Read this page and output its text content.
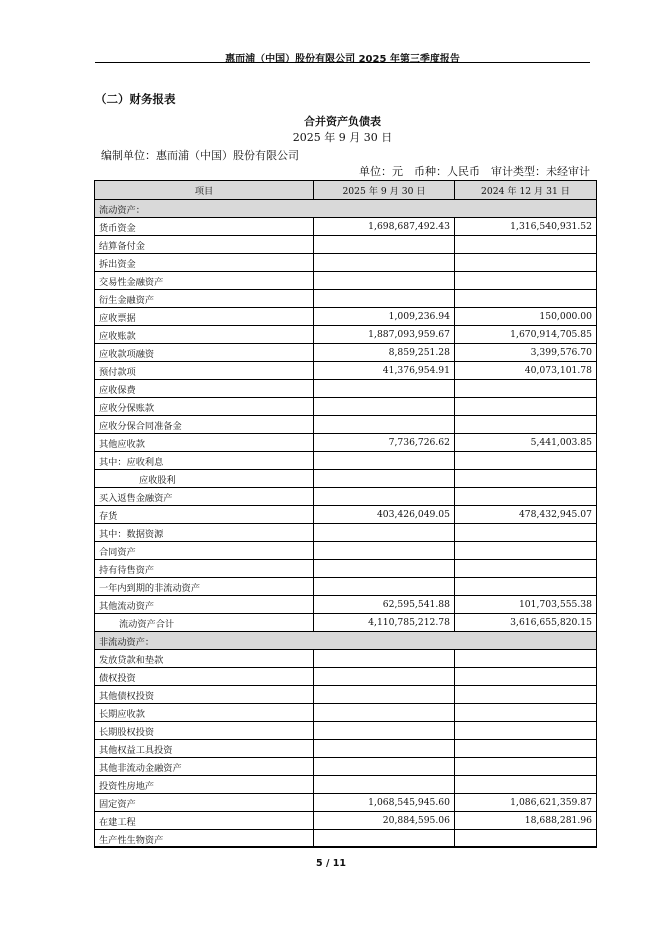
惠而浦（中国）股份有限公司 2025 年第三季度报告
（二）财务报表
合并资产负债表
2025 年 9 月 30 日
编制单位：惠而浦（中国）股份有限公司
单位：元　币种：人民币　审计类型：未经审计
项目	2025 年 9 月 30 日	2024 年 12 月 31 日
流动资产：		
货币资金	1,698,687,492.43	1,316,540,931.52
结算备付金		
拆出资金		
交易性金融资产		
衍生金融资产		
应收票据	1,009,236.94	150,000.00
应收账款	1,887,093,959.67	1,670,914,705.85
应收款项融资	8,859,251.28	3,399,576.70
预付款项	41,376,954.91	40,073,101.78
应收保费		
应收分保账款		
应收分保合同准备金		
其他应收款	7,736,726.62	5,441,003.85
其中：应收利息		
应收股利		
买入返售金融资产		
存货	403,426,049.05	478,432,945.07
其中：数据资源		
合同资产		
持有待售资产		
一年内到期的非流动资产		
其他流动资产	62,595,541.88	101,703,555.38
流动资产合计	4,110,785,212.78	3,616,655,820.15
非流动资产：		
发放贷款和垫款		
债权投资		
其他债权投资		
长期应收款		
长期股权投资		
其他权益工具投资		
其他非流动金融资产		
投资性房地产		
固定资产	1,068,545,945.60	1,086,621,359.87
在建工程	20,884,595.06	18,688,281.96
生产性生物资产		
5 / 11
